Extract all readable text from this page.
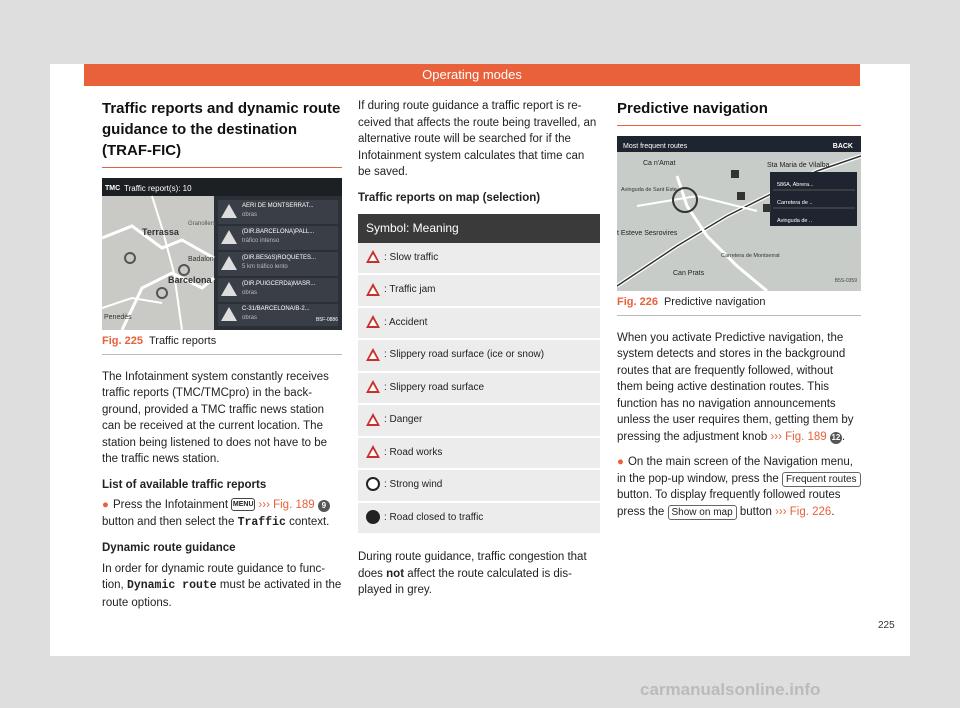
Operating modes
Traffic reports and dynamic route guidance to the destination (TRAF-FIC)
TMC Traffic report(s): 10
Terrassa
Granollers
Badalona
Barcelona
Penedès
AERI DE MONTSERRAT...
obras
(DIR.BARCELONA)PALL...
tráfico intenso
(DIR.BESòS)ROQUETES...
5 km tráfico lento
(DIR.PUIGCERDà)MASR...
obras
C-31/BARCELONA/B-2...
obras	B5F-0886
Fig. 225 Traffic reports

The Infotainment system constantly receives traffic reports (TMC/TMCpro) in the back-ground, provided a TMC traffic news station can be received at the current location. The station being listened to does not have to be the traffic news station.

List of available traffic reports

● Press the Infotainment MENU ››› Fig. 189 9 button and then select the Traffic context.

Dynamic route guidance

In order for dynamic route guidance to func-tion, Dynamic route must be activated in the route options.

If during route guidance a traffic report is re-ceived that affects the route being travelled, an alternative route will be searched for if the Infotainment system calculates that time can be saved.

Traffic reports on map (selection)
Symbol: Meaning
: Slow traffic
: Traffic jam
: Accident
: Slippery road surface (ice or snow)
: Slippery road surface
: Danger
: Road works
: Strong wind
: Road closed to traffic

During route guidance, traffic congestion that does not affect the route calculated is dis-played in grey.

Predictive navigation
Most frequent routes	BACK
Ca n'Amat	Sta Maria de Vilalba
Avinguda de Sant Este...
t Esteve Sesrovires
Carretera de Montserrat
Can Prats
586A, Abrera...
Carretera de ..
Avinguda de ..
B5S-0359
Fig. 226 Predictive navigation

When you activate Predictive navigation, the system detects and stores in the background routes that are frequently followed, without them being active destination routes. This function has no navigation announcements unless the user requires them, getting them by pressing the adjustment knob ››› Fig. 189 12 .

● On the main screen of the Navigation menu, in the pop-up window, press the Frequent routes button. To display frequently followed routes press the Show on map button ››› Fig. 226.

225
carmanualsonline.info
